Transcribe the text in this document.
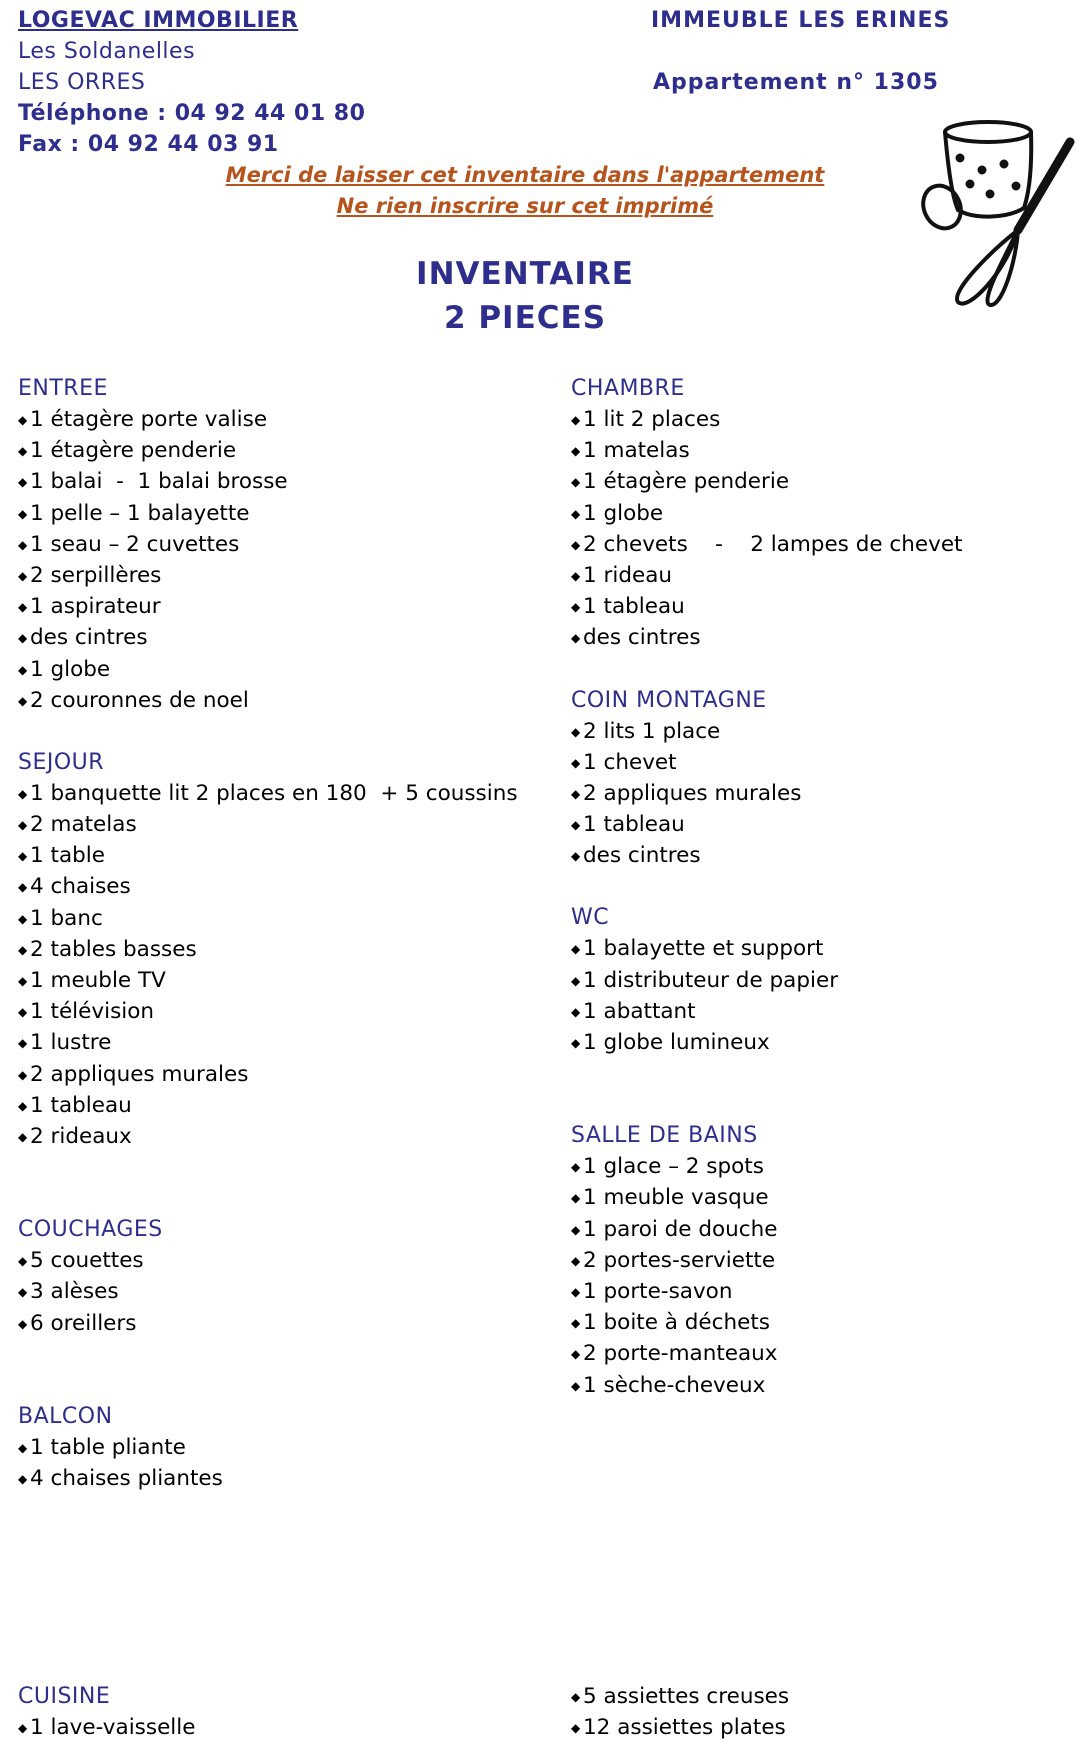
LOGEVAC IMMOBILIER
Les Soldanelles
LES ORRES
Téléphone : 04 92 44 01 80
Fax : 04 92 44 03 91
IMMEUBLE LES ERINES
Appartement n° 1305
Merci de laisser cet inventaire dans l'appartement
Ne rien inscrire sur cet imprimé
INVENTAIRE
2 PIECES
ENTREE
◆ 1 étagère porte valise
◆ 1 étagère penderie
◆ 1 balai  -  1 balai brosse
◆ 1 pelle – 1 balayette
◆ 1 seau – 2 cuvettes
◆ 2 serpillères
◆ 1 aspirateur
◆ des cintres
◆ 1 globe
◆ 2 couronnes de noel
SEJOUR
◆ 1 banquette lit 2 places en 180  + 5 coussins
◆ 2 matelas
◆ 1 table
◆ 4 chaises
◆ 1 banc
◆ 2 tables basses
◆ 1 meuble TV
◆ 1 télévision
◆ 1 lustre
◆ 2 appliques murales
◆ 1 tableau
◆ 2 rideaux
COUCHAGES
◆ 5 couettes
◆ 3 alèses
◆ 6 oreillers
BALCON
◆ 1 table pliante
◆ 4 chaises pliantes
CUISINE
◆ 1 lave-vaisselle
CHAMBRE
◆ 1 lit 2 places
◆ 1 matelas
◆ 1 étagère penderie
◆ 1 globe
◆ 2 chevets    -    2 lampes de chevet
◆ 1 rideau
◆ 1 tableau
◆ des cintres
COIN MONTAGNE
◆ 2 lits 1 place
◆ 1 chevet
◆ 2 appliques murales
◆ 1 tableau
◆ des cintres
WC
◆ 1 balayette et support
◆ 1 distributeur de papier
◆ 1 abattant
◆ 1 globe lumineux
SALLE DE BAINS
◆ 1 glace – 2 spots
◆ 1 meuble vasque
◆ 1 paroi de douche
◆ 2 portes-serviette
◆ 1 porte-savon
◆ 1 boite à déchets
◆ 2 porte-manteaux
◆ 1 sèche-cheveux
◆ 5 assiettes creuses
◆ 12 assiettes plates
